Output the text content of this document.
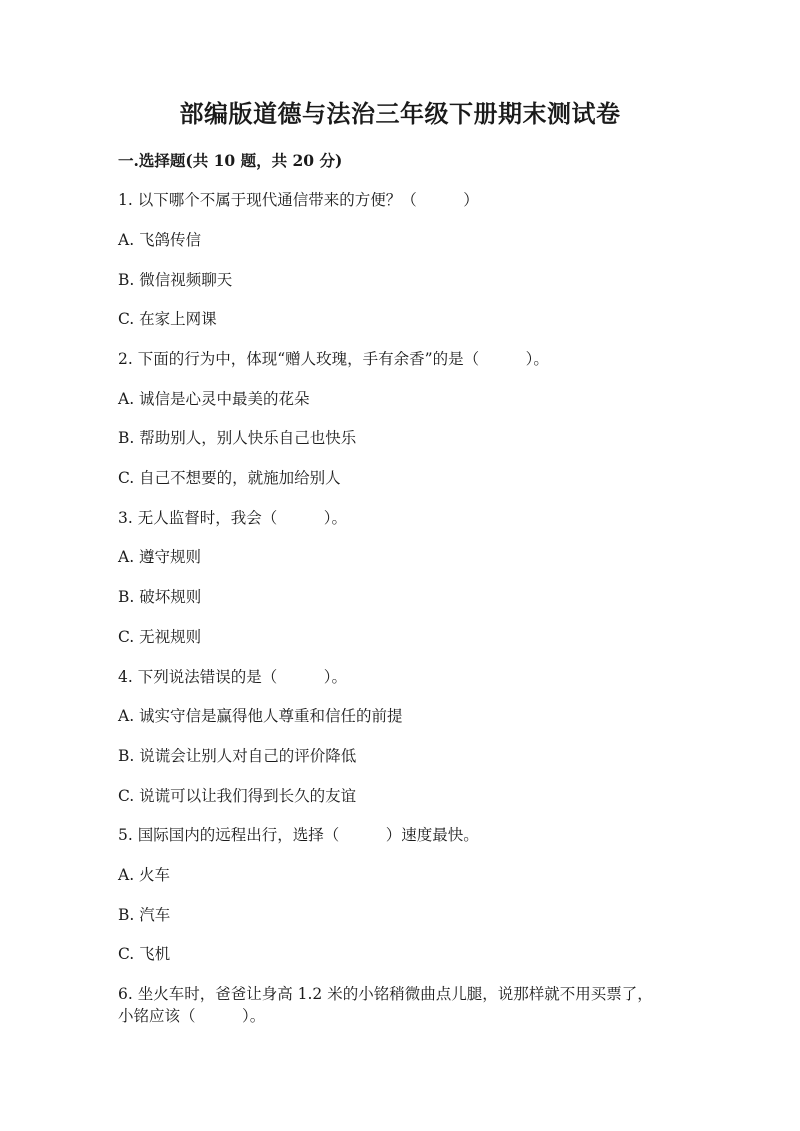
部编版道德与法治三年级下册期末测试卷
一.选择题(共 10 题，共 20 分)
1. 以下哪个不属于现代通信带来的方便？（　　　）
A. 飞鸽传信
B. 微信视频聊天
C. 在家上网课
2. 下面的行为中，体现“赠人玫瑰，手有余香”的是（　　　）。
A. 诚信是心灵中最美的花朵
B. 帮助别人，别人快乐自己也快乐
C. 自己不想要的，就施加给别人
3. 无人监督时，我会（　　　）。
A. 遵守规则
B. 破坏规则
C. 无视规则
4. 下列说法错误的是（　　　）。
A. 诚实守信是赢得他人尊重和信任的前提
B. 说谎会让别人对自己的评价降低
C. 说谎可以让我们得到长久的友谊
5. 国际国内的远程出行，选择（　　　）速度最快。
A. 火车
B. 汽车
C. 飞机
6. 坐火车时，爸爸让身高 1.2 米的小铭稍微曲点儿腿，说那样就不用买票了，
小铭应该（　　　）。
